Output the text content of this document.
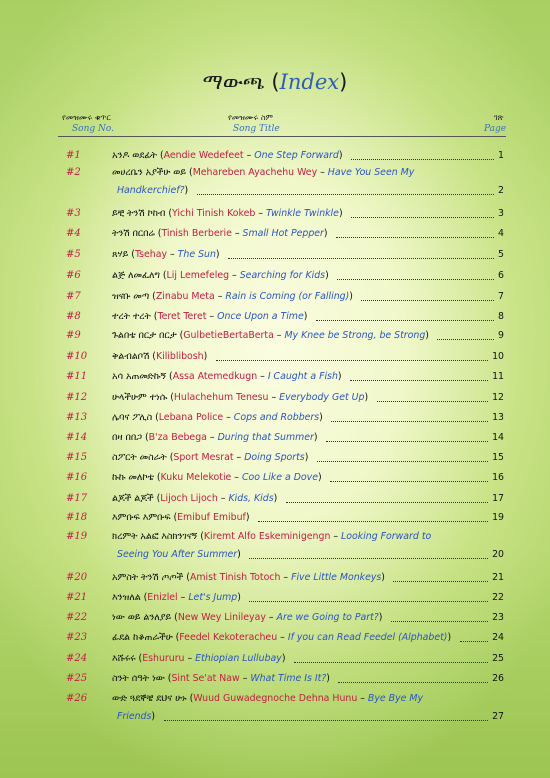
ማውጫ (Index)
የመዝሙሩ ቁጥር
Song No.
የመዝሙሩ ስም
Song Title
ገጽ
Page
#1	አንዶ ወደፊት (Aendie Wedefeet – One Step Forward)	1
#2	መሀረቤን አያችሁ ወይ (Mehareben Ayachehu Wey – Have You Seen My
Handkerchief?)	2
#3	ይቺ ትንሽ ኮከብ (Yichi Tinish Kokeb – Twinkle Twinkle)	3
#4	ትንሽ በርበሬ (Tinish Berberie – Small Hot Pepper)	4
#5	ጸሃይ (Tsehay – The Sun)	5
#6	ልጅ ለመፈለግ (Lij Lemefeleg – Searching for Kids)	6
#7	ዝናቡ መጣ (Zinabu Meta – Rain is Coming (or Falling))	7
#8	ተረት ተረት (Teret Teret – Once Upon a Time)	8
#9	ጉልበቴ በርታ በርታ (GulbetieBertaBerta – My Knee be Strong, be Strong)	9
#10	ቅልብልቦሽ (Kiliblibosh)	10
#11	አሳ አጠመድኩኝ (Assa Atemedkugn – I Caught a Fish)	11
#12	ሁላችሁም ተነሱ (Hulachehum Tenesu – Everybody Get Up)	12
#13	ሌባና ፖሊስ (Lebana Police – Cops and Robbers)	13
#14	በዛ በበጋ (B'za Bebega – During that Summer)	14
#15	ስፖርት መስራት (Sport Mesrat – Doing Sports)	15
#16	ኩኩ መለኮቴ (Kuku Melekotie – Coo Like a Dove)	16
#17	ልጆች ልጆች (Lijoch Lijoch – Kids, Kids)	17
#18	እምቡፍ እምቡፍ (Emibuf Emibuf)	19
#19	ክረምት አልፎ እስክንገናኝ (Kiremt Alfo Eskeminigengn – Looking Forward to
Seeing You After Summer)	20
#20	አምስት ትንሽ ጦጦች (Amist Tinish Totoch – Five Little Monkeys)	21
#21	እንዝለል (Enizlel – Let's Jump)	22
#22	ነው ወይ ልንለያይ (New Wey Linileyay – Are we Going to Part?)	23
#23	ፊደል ከቆጠራችሁ (Feedel Kekoteracheu – If you can Read Feedel (Alphabet))	24
#24	እሹሩሩ (Eshururu – Ethiopian Lullubay)	25
#25	ስንት ሰዓት ነው (Sint Se'at Naw – What Time Is It?)	26
#26	ውድ ጓደኞቼ ደህና ሁኑ (Wuud Guwadegnoche Dehna Hunu – Bye Bye My
Friends)	27
